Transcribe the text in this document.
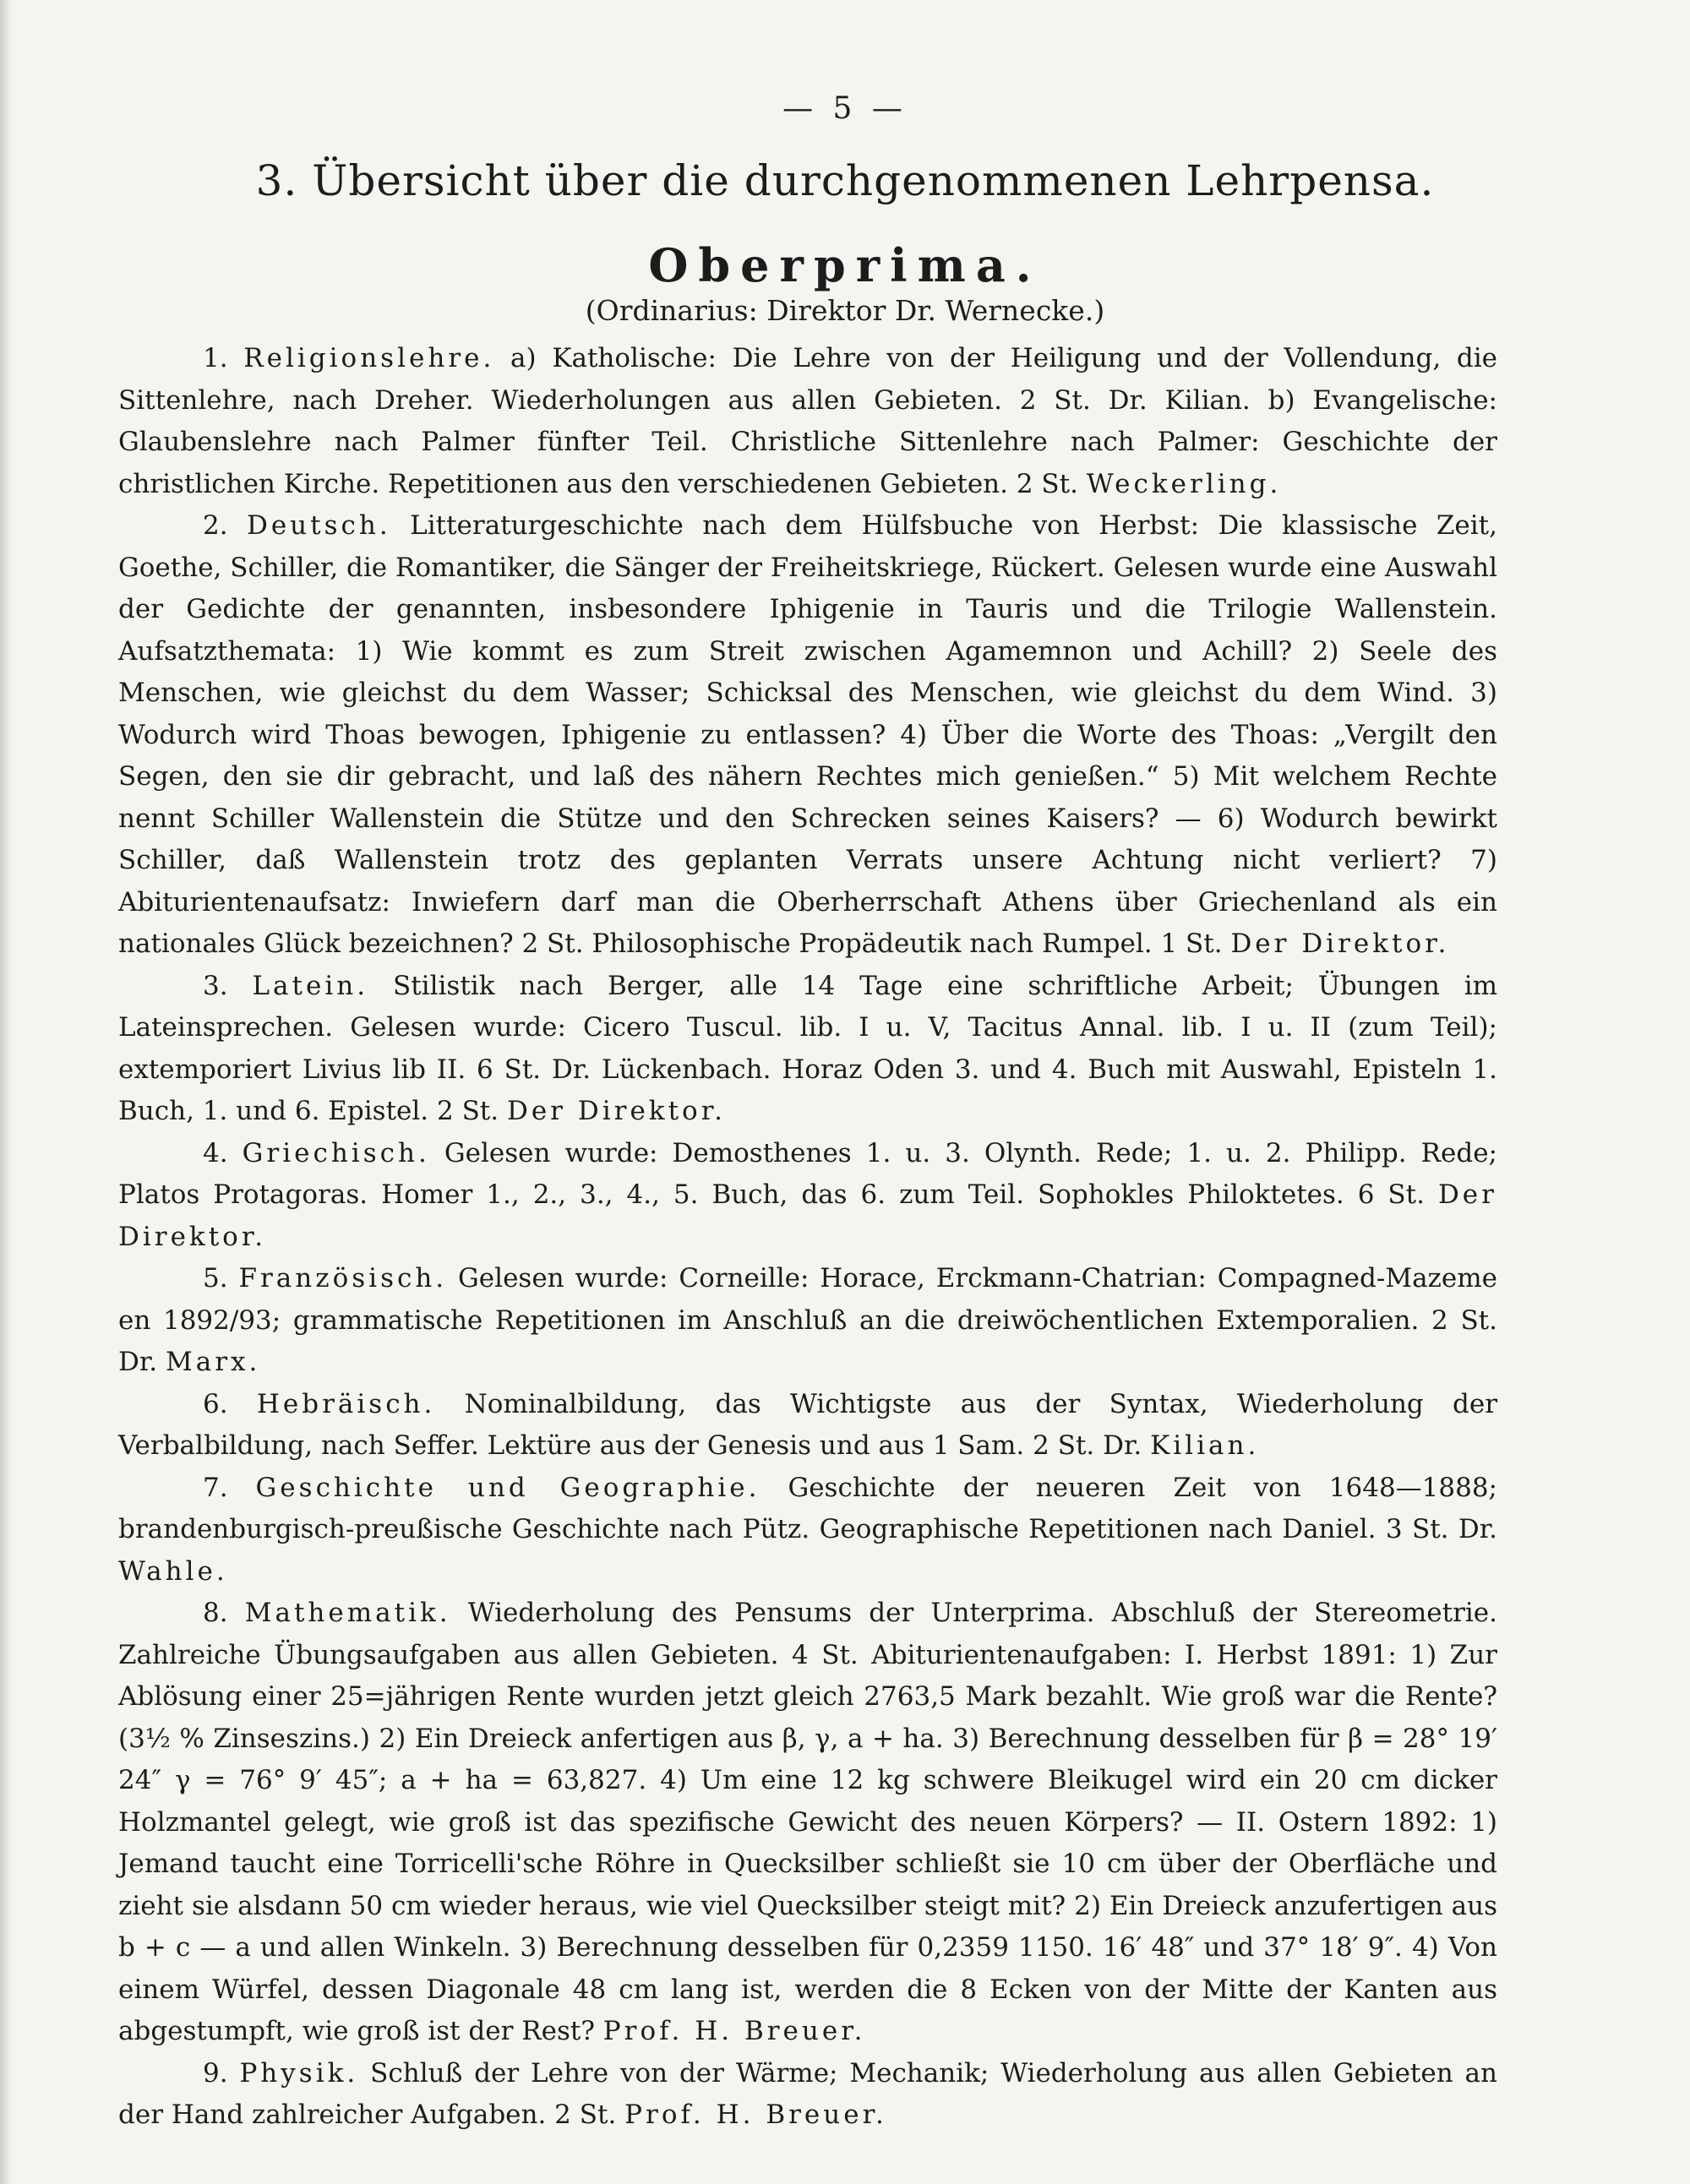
— 5 —
3. Übersicht über die durchgenommenen Lehrpensa.
Oberprima.
(Ordinarius: Direktor Dr. Wernecke.)

1. Religionslehre. a) Katholische: Die Lehre von der Heiligung und der Vollendung, die Sittenlehre, nach Dreher. Wiederholungen aus allen Gebieten. 2 St. Dr. Kilian. b) Evangelische: Glaubenslehre nach Palmer fünfter Teil. Christliche Sittenlehre nach Palmer: Geschichte der christlichen Kirche. Repetitionen aus den verschiedenen Gebieten. 2 St. Weckerling.

2. Deutsch. Litteraturgeschichte nach dem Hülfsbuche von Herbst: Die klassische Zeit, Goethe, Schiller, die Romantiker, die Sänger der Freiheitskriege, Rückert. Gelesen wurde eine Auswahl der Gedichte der genannten, insbesondere Iphigenie in Tauris und die Trilogie Wallenstein. Aufsatzthemata: 1) Wie kommt es zum Streit zwischen Agamemnon und Achill? 2) Seele des Menschen, wie gleichst du dem Wasser; Schicksal des Menschen, wie gleichst du dem Wind. 3) Wodurch wird Thoas bewogen, Iphigenie zu entlassen? 4) Über die Worte des Thoas: „Vergilt den Segen, den sie dir gebracht, und laß des nähern Rechtes mich genießen.“ 5) Mit welchem Rechte nennt Schiller Wallenstein die Stütze und den Schrecken seines Kaisers? — 6) Wodurch bewirkt Schiller, daß Wallenstein trotz des geplanten Verrats unsere Achtung nicht verliert? 7) Abiturientenaufsatz: Inwiefern darf man die Oberherrschaft Athens über Griechenland als ein nationales Glück bezeichnen? 2 St. Philosophische Propädeutik nach Rumpel. 1 St. Der Direktor.

3. Latein. Stilistik nach Berger, alle 14 Tage eine schriftliche Arbeit; Übungen im Lateinsprechen. Gelesen wurde: Cicero Tuscul. lib. I u. V, Tacitus Annal. lib. I u. II (zum Teil); extemporiert Livius lib II. 6 St. Dr. Lückenbach. Horaz Oden 3. und 4. Buch mit Auswahl, Episteln 1. Buch, 1. und 6. Epistel. 2 St. Der Direktor.

4. Griechisch. Gelesen wurde: Demosthenes 1. u. 3. Olynth. Rede; 1. u. 2. Philipp. Rede; Platos Protagoras. Homer 1., 2., 3., 4., 5. Buch, das 6. zum Teil. Sophokles Philoktetes. 6 St. Der Direktor.

5. Französisch. Gelesen wurde: Corneille: Horace, Erckmann-Chatrian: Compagned-Mazeme en 1892/93; grammatische Repetitionen im Anschluß an die dreiwöchentlichen Extemporalien. 2 St. Dr. Marx.

6. Hebräisch. Nominalbildung, das Wichtigste aus der Syntax, Wiederholung der Verbalbildung, nach Seffer. Lektüre aus der Genesis und aus 1 Sam. 2 St. Dr. Kilian.

7. Geschichte und Geographie. Geschichte der neueren Zeit von 1648—1888; brandenburgisch-preußische Geschichte nach Pütz. Geographische Repetitionen nach Daniel. 3 St. Dr. Wahle.

8. Mathematik. Wiederholung des Pensums der Unterprima. Abschluß der Stereometrie. Zahlreiche Übungsaufgaben aus allen Gebieten. 4 St. Abiturientenaufgaben: I. Herbst 1891: 1) Zur Ablösung einer 25=jährigen Rente wurden jetzt gleich 2763,5 Mark bezahlt. Wie groß war die Rente? (3½ % Zinseszins.) 2) Ein Dreieck anfertigen aus β, γ, a + ha. 3) Berechnung desselben für β = 28° 19′ 24″ γ = 76° 9′ 45″; a + ha = 63,827. 4) Um eine 12 kg schwere Bleikugel wird ein 20 cm dicker Holzmantel gelegt, wie groß ist das spezifische Gewicht des neuen Körpers? — II. Ostern 1892: 1) Jemand taucht eine Torricelli'sche Röhre in Quecksilber schließt sie 10 cm über der Oberfläche und zieht sie alsdann 50 cm wieder heraus, wie viel Quecksilber steigt mit? 2) Ein Dreieck anzufertigen aus b + c — a und allen Winkeln. 3) Berechnung desselben für 0,2359 1150. 16′ 48″ und 37° 18′ 9″. 4) Von einem Würfel, dessen Diagonale 48 cm lang ist, werden die 8 Ecken von der Mitte der Kanten aus abgestumpft, wie groß ist der Rest? Prof. H. Breuer.

9. Physik. Schluß der Lehre von der Wärme; Mechanik; Wiederholung aus allen Gebieten an der Hand zahlreicher Aufgaben. 2 St. Prof. H. Breuer.
